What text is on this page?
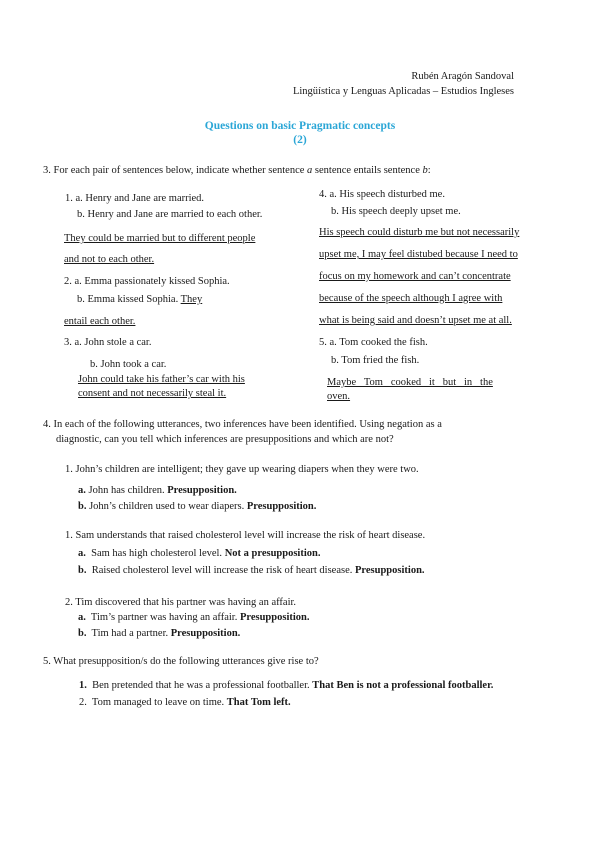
Rubén Aragón Sandoval
Lingüística y Lenguas Aplicadas – Estudios Ingleses
Questions on basic Pragmatic concepts
(2)
3. For each pair of sentences below, indicate whether sentence a sentence entails sentence b:
1. a. Henry and Jane are married.
b. Henry and Jane are married to each other.
They could be married but to different people
and not to each other.
2. a. Emma passionately kissed Sophia.
b. Emma kissed Sophia. They
entail each other.
3. a. John stole a car.
b. John took a car.
John could take his father’s car with his
consent and not necessarily steal it.
4. a. His speech disturbed me.
b. His speech deeply upset me.
His speech could disturb me but not necessarily
upset me, I may feel distubed because I need to
focus on my homework and can’t concentrate
because of the speech although I agree with
what is being said and doesn’t upset me at all.
5. a. Tom cooked the fish.
b. Tom fried the fish.
Maybe   Tom   cooked   it   but   in   the
oven.
4. In each of the following utterances, two inferences have been identified. Using negation as a
diagnostic, can you tell which inferences are presuppositions and which are not?
1. John’s children are intelligent; they gave up wearing diapers when they were two.
a. John has children. Presupposition.
b. John’s children used to wear diapers. Presupposition.
1. Sam understands that raised cholesterol level will increase the risk of heart disease.
a.  Sam has high cholesterol level. Not a presupposition.
b.  Raised cholesterol level will increase the risk of heart disease. Presupposition.
2. Tim discovered that his partner was having an affair.
a.  Tim’s partner was having an affair. Presupposition.
b.  Tim had a partner. Presupposition.
5. What presupposition/s do the following utterances give rise to?
1.  Ben pretended that he was a professional footballer. That Ben is not a professional footballer.
2.  Tom managed to leave on time. That Tom left.
